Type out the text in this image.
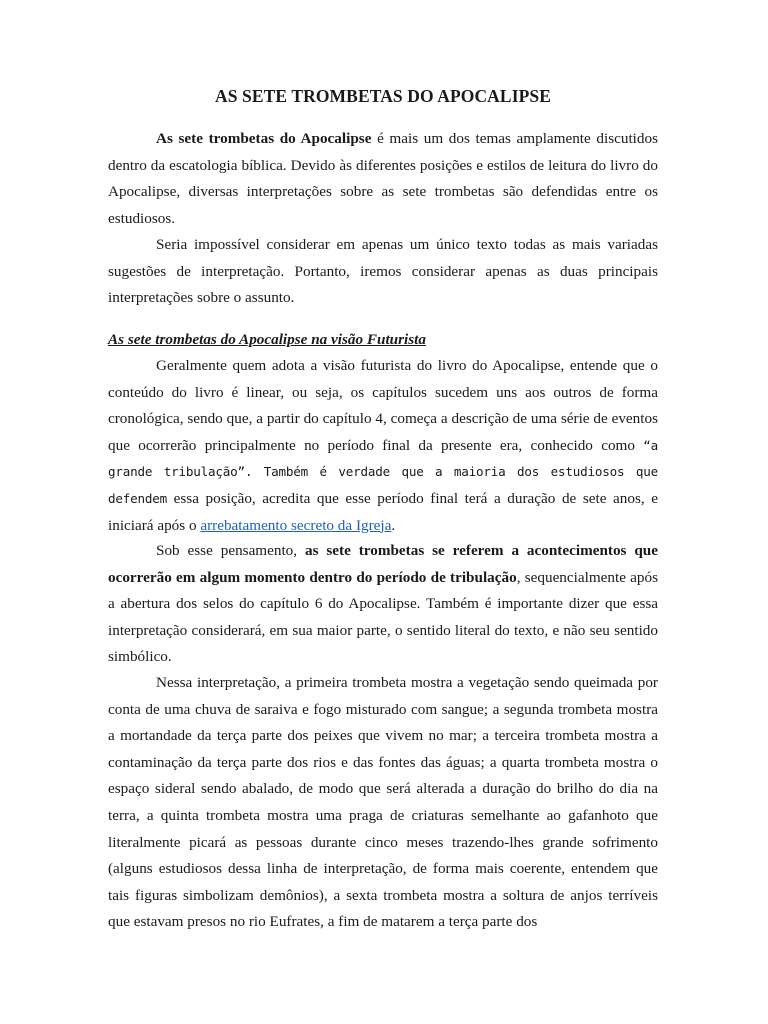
AS SETE TROMBETAS DO APOCALIPSE

As sete trombetas do Apocalipse é mais um dos temas amplamente discutidos dentro da escatologia bíblica. Devido às diferentes posições e estilos de leitura do livro do Apocalipse, diversas interpretações sobre as sete trombetas são defendidas entre os estudiosos.

Seria impossível considerar em apenas um único texto todas as mais variadas sugestões de interpretação. Portanto, iremos considerar apenas as duas principais interpretações sobre o assunto.

As sete trombetas do Apocalipse na visão Futurista

Geralmente quem adota a visão futurista do livro do Apocalipse, entende que o conteúdo do livro é linear, ou seja, os capítulos sucedem uns aos outros de forma cronológica, sendo que, a partir do capítulo 4, começa a descrição de uma série de eventos que ocorrerão principalmente no período final da presente era, conhecido como “a grande tribulação”. Também é verdade que a maioria dos estudiosos que defendem essa posição, acredita que esse período final terá a duração de sete anos, e iniciará após o arrebatamento secreto da Igreja.

Sob esse pensamento, as sete trombetas se referem a acontecimentos que ocorrerão em algum momento dentro do período de tribulação, sequencialmente após a abertura dos selos do capítulo 6 do Apocalipse. Também é importante dizer que essa interpretação considerará, em sua maior parte, o sentido literal do texto, e não seu sentido simbólico.

Nessa interpretação, a primeira trombeta mostra a vegetação sendo queimada por conta de uma chuva de saraiva e fogo misturado com sangue; a segunda trombeta mostra a mortandade da terça parte dos peixes que vivem no mar; a terceira trombeta mostra a contaminação da terça parte dos rios e das fontes das águas; a quarta trombeta mostra o espaço sideral sendo abalado, de modo que será alterada a duração do brilho do dia na terra, a quinta trombeta mostra uma praga de criaturas semelhante ao gafanhoto que literalmente picará as pessoas durante cinco meses trazendo-lhes grande sofrimento (alguns estudiosos dessa linha de interpretação, de forma mais coerente, entendem que tais figuras simbolizam demônios), a sexta trombeta mostra a soltura de anjos terríveis que estavam presos no rio Eufrates, a fim de matarem a terça parte dos
